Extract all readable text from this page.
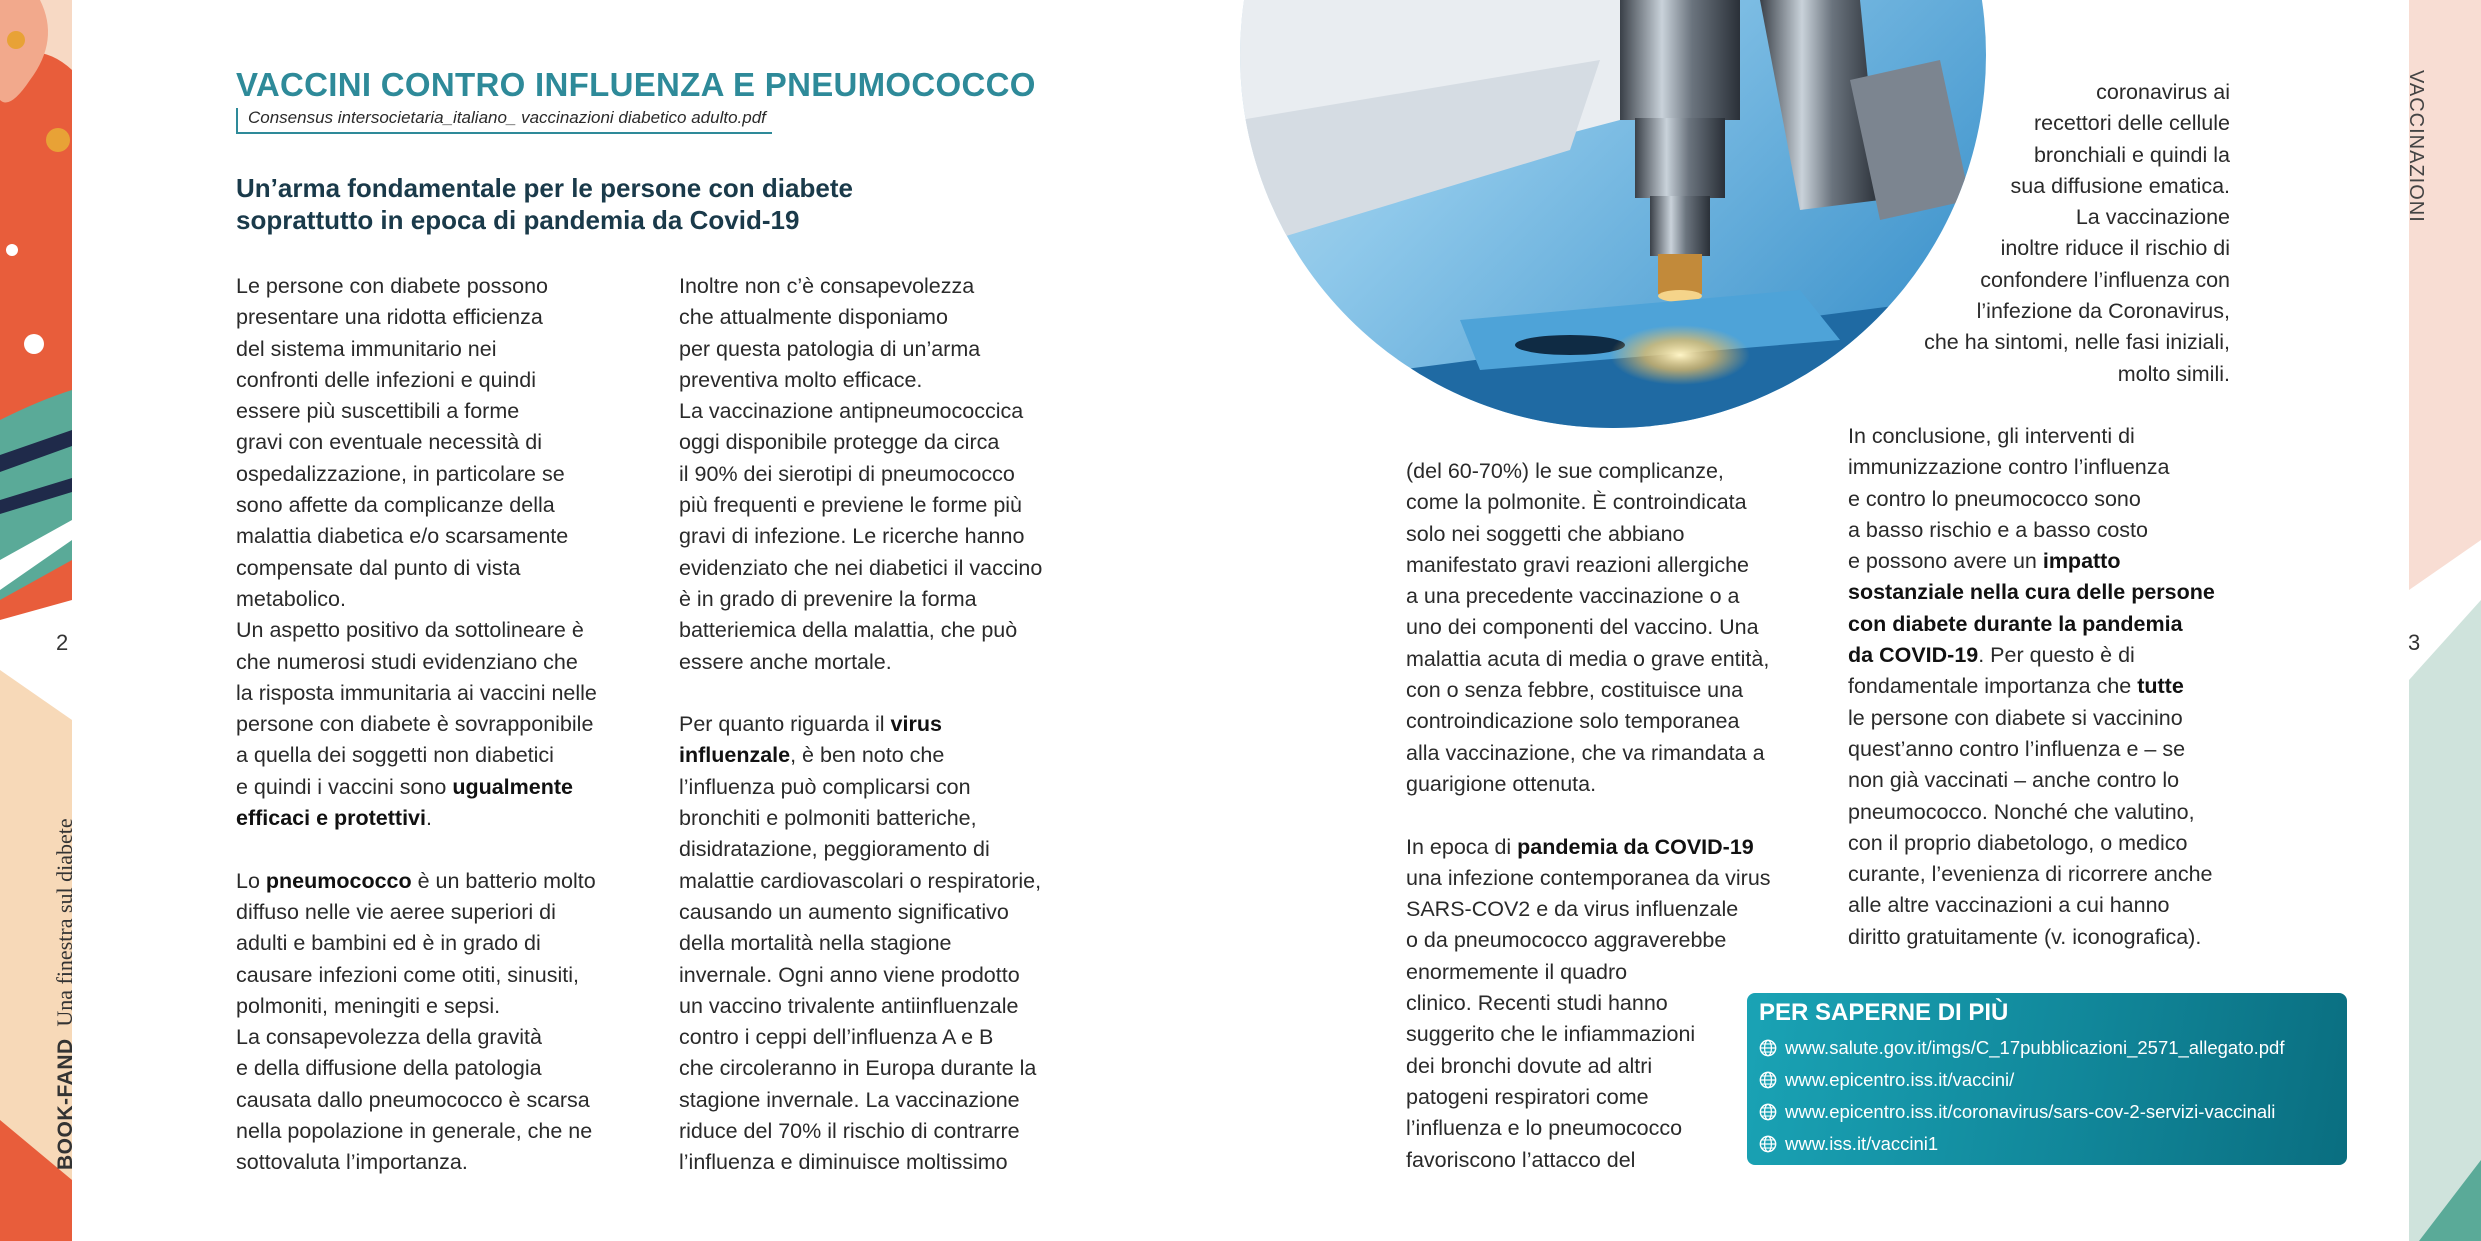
VACCINI CONTRO INFLUENZA E PNEUMOCOCCO
Consensus intersocietaria_italiano_ vaccinazioni diabetico adulto.pdf
Un’arma fondamentale per le persone con diabete
soprattutto in epoca di pandemia da Covid-19
Le persone con diabete possono
presentare una ridotta efficienza
del sistema immunitario nei
confronti delle infezioni e quindi
essere più suscettibili a forme
gravi con eventuale necessità di
ospedalizzazione, in particolare se
sono affette da complicanze della
malattia diabetica e/o scarsamente
compensate dal punto di vista
metabolico.
Un aspetto positivo da sottolineare è
che numerosi studi evidenziano che
la risposta immunitaria ai vaccini nelle
persone con diabete è sovrapponibile
a quella dei soggetti non diabetici
e quindi i vaccini sono ugualmente
efficaci e protettivi.
Lo pneumococco è un batterio molto
diffuso nelle vie aeree superiori di
adulti e bambini ed è in grado di
causare infezioni come otiti, sinusiti,
polmoniti, meningiti e sepsi.
La consapevolezza della gravità
e della diffusione della patologia
causata dallo pneumococco è scarsa
nella popolazione in generale, che ne
sottovaluta l’importanza.
Inoltre non c’è consapevolezza
che attualmente disponiamo
per questa patologia di un’arma
preventiva molto efficace.
La vaccinazione antipneumococcica
oggi disponibile protegge da circa
il 90% dei sierotipi di pneumococco
più frequenti e previene le forme più
gravi di infezione. Le ricerche hanno
evidenziato che nei diabetici il vaccino
è in grado di prevenire la forma
batteriemica della malattia, che può
essere anche mortale.
Per quanto riguarda il virus
influenzale, è ben noto che
l’influenza può complicarsi con
bronchiti e polmoniti batteriche,
disidratazione, peggioramento di
malattie cardiovascolari o respiratorie,
causando un aumento significativo
della mortalità nella stagione
invernale. Ogni anno viene prodotto
un vaccino trivalente antiinfluenzale
contro i ceppi dell’influenza A e B
che circoleranno in Europa durante la
stagione invernale. La vaccinazione
riduce del 70% il rischio di contrarre
l’influenza e diminuisce moltissimo
2
BOOK-FAND  Una finestra sul diabete
coronavirus ai
recettori delle cellule
bronchiali e quindi la
sua diffusione ematica.
La vaccinazione
inoltre riduce il rischio di
confondere l’influenza con
l’infezione da Coronavirus,
che ha sintomi, nelle fasi iniziali,
molto simili.
(del 60-70%) le sue complicanze,
come la polmonite. È controindicata
solo nei soggetti che abbiano
manifestato gravi reazioni allergiche
a una precedente vaccinazione o a
uno dei componenti del vaccino. Una
malattia acuta di media o grave entità,
con o senza febbre, costituisce una
controindicazione solo temporanea
alla vaccinazione, che va rimandata a
guarigione ottenuta.
In epoca di pandemia da COVID-19
una infezione contemporanea da virus
SARS-COV2 e da virus influenzale
o da pneumococco aggraverebbe
enormemente il quadro
clinico. Recenti studi hanno
suggerito che le infiammazioni
dei bronchi dovute ad altri
patogeni respiratori come
l’influenza e lo pneumococco
favoriscono l’attacco del
In conclusione, gli interventi di
immunizzazione contro l’influenza
e contro lo pneumococco sono
a basso rischio e a basso costo
e possono avere un impatto
sostanziale nella cura delle persone
con diabete durante la pandemia
da COVID-19. Per questo è di
fondamentale importanza che tutte
le persone con diabete si vaccinino
quest’anno contro l’influenza e – se
non già vaccinati – anche contro lo
pneumococco. Nonché che valutino,
con il proprio diabetologo, o medico
curante, l’evenienza di ricorrere anche
alle altre vaccinazioni a cui hanno
diritto gratuitamente (v. iconografica).
3
VACCINAZIONI
PER SAPERNE DI PIÙ
www.salute.gov.it/imgs/C_17pubblicazioni_2571_allegato.pdf
www.epicentro.iss.it/vaccini/
www.epicentro.iss.it/coronavirus/sars-cov-2-servizi-vaccinali
www.iss.it/vaccini1
